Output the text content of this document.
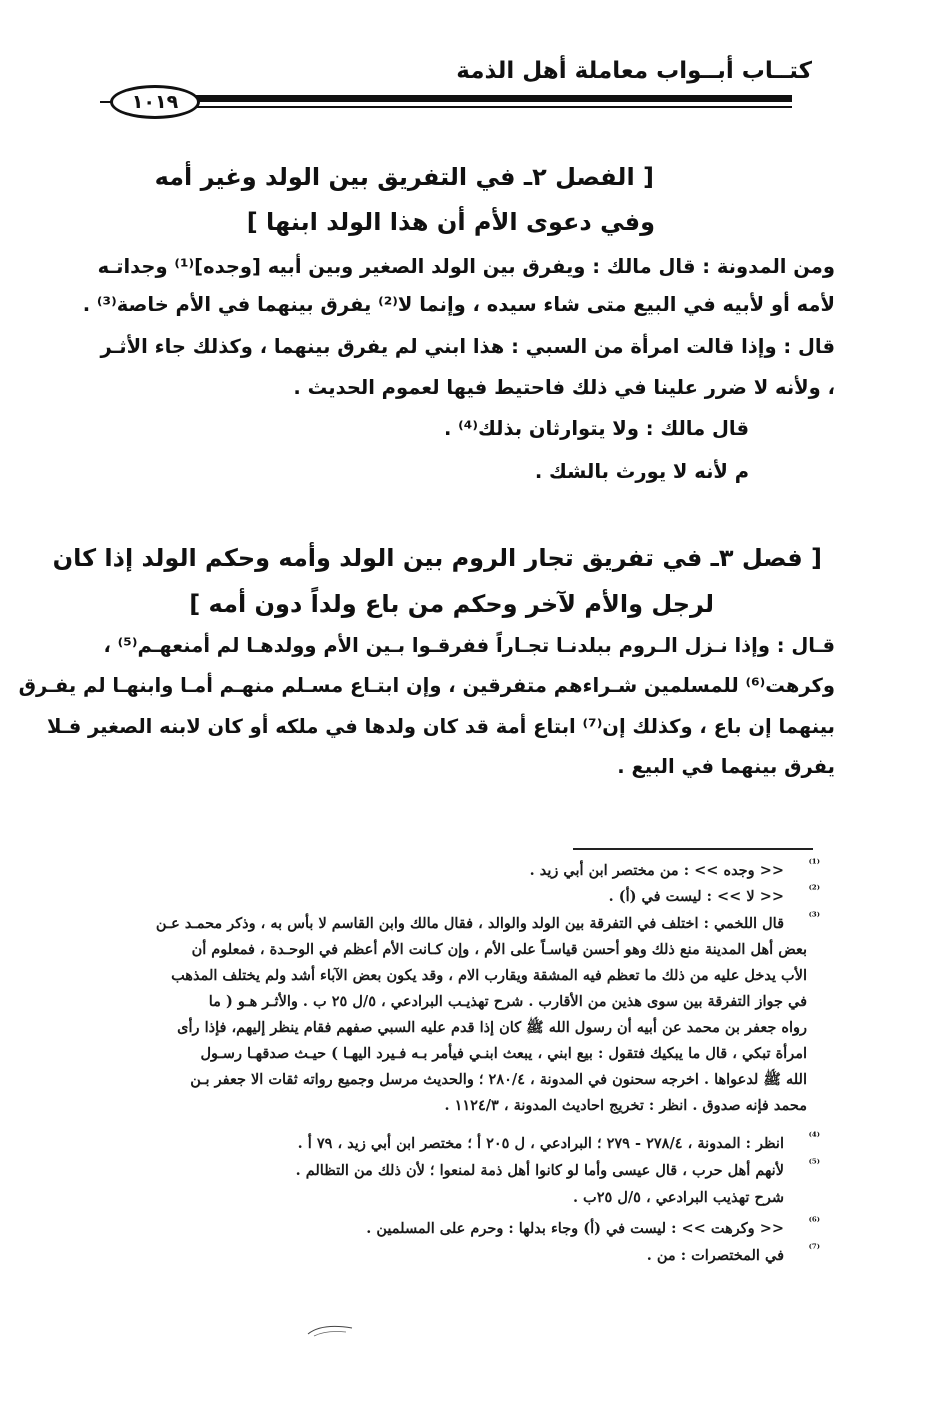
كتــاب أبــواب معاملة أهل الذمة
١٠١٩
[ الفصل ٢ـ في التفريق بين الولد وغير أمه
وفي دعوى الأم أن هذا الولد ابنها ]
ومن المدونة : قال مالك : ويفرق بين الولد الصغير وبين أبيه [وجده]⁽¹⁾ وجداتـه
لأمه أو لأبيه في البيع متى شاء سيده ، وإنما لا⁽²⁾ يفرق بينهما في الأم خاصة⁽³⁾ .
قال : وإذا قالت امرأة من السبي : هذا ابني لم يفرق بينهما ، وكذلك جاء الأثـر
، ولأنه لا ضرر علينا في ذلك فاحتيط فيها لعموم الحديث .
قال مالك : ولا يتوارثان بذلك⁽⁴⁾ .
م لأنه لا يورث بالشك .
[ فصل ٣ـ في تفريق تجار الروم بين الولد وأمه وحكم الولد إذا كان
لرجل والأم لآخر وحكم من باع ولداً دون أمه ]
قـال : وإذا نـزل الـروم ببلدنـا تجـاراً ففرقـوا بـين الأم وولدهـا لم أمنعهـم⁽⁵⁾ ،
وكرهت⁽⁶⁾ للمسلمين شـراءهم متفرقين ، وإن ابتـاع مسـلم منهـم أمـا وابنهـا لم يفـرق
بينهما إن باع ، وكذلك إن⁽⁷⁾ ابتاع أمة قد كان ولدها في ملكه أو كان لابنه الصغير فـلا
يفرق بينهما في البيع .
⁽¹⁾
<< وجده >> : من مختصر ابن أبي زيد .
⁽²⁾
<< لا >> : ليست في (أ) .
⁽³⁾
قال اللخمي : اختلف في التفرقة بين الولد والوالد ، فقال مالك وابن القاسم لا بأس به ، وذكر محمـد عـن
بعض أهل المدينة منع ذلك وهو أحسن قياسـاً على الأم ، وإن كـانت الأم أعظم في الوحـدة ، فمعلوم أن
الأب يدخل عليه من ذلك ما تعظم فيه المشقة ويقارب الام ، وقد يكون بعض الآباء أشد ولم يختلف المذهب
في جواز التفرقة بين سوى هذين من الأقارب . شرح تهذيـب البرادعي ، ٥/ل ٢٥ ب . والأثـر هـو ( ما
رواه جعفر بن محمد عن أبيه أن رسول الله ﷺ كان إذا قدم عليه السبي صفهم فقام ينظر إليهم، فإذا رأى
امرأة تبكي ، قال ما يبكيك فتقول : بيع ابني ، يبعث ابنـي فيأمر بـه فـيرد اليهـا ) حيـث صدقهـا رسـول
الله ﷺ لدعواها . اخرجه سحنون في المدونة ، ٢٨٠/٤ ؛ والحديث مرسل وجميع رواته ثقات الا جعفر بـن
محمد فإنه صدوق . انظر : تخريج احاديث المدونة ، ١١٢٤/٣ .
⁽⁴⁾
انظر : المدونة ، ٢٧٨/٤ - ٢٧٩ ؛ البرادعي ، ل ٢٠٥ أ ؛ مختصر ابن أبي زيد ، ٧٩ أ .
⁽⁵⁾
لأنهم أهل حرب ، قال عيسى وأما لو كانوا أهل ذمة لمنعوا ؛ لأن ذلك من التظالم .
شرح تهذيب البرادعي ، ٥/ل ٢٥ب .
⁽⁶⁾
<< وكرهت >> : ليست في (أ) وجاء بدلها : وحرم على المسلمين .
⁽⁷⁾
في المختصرات : من .
